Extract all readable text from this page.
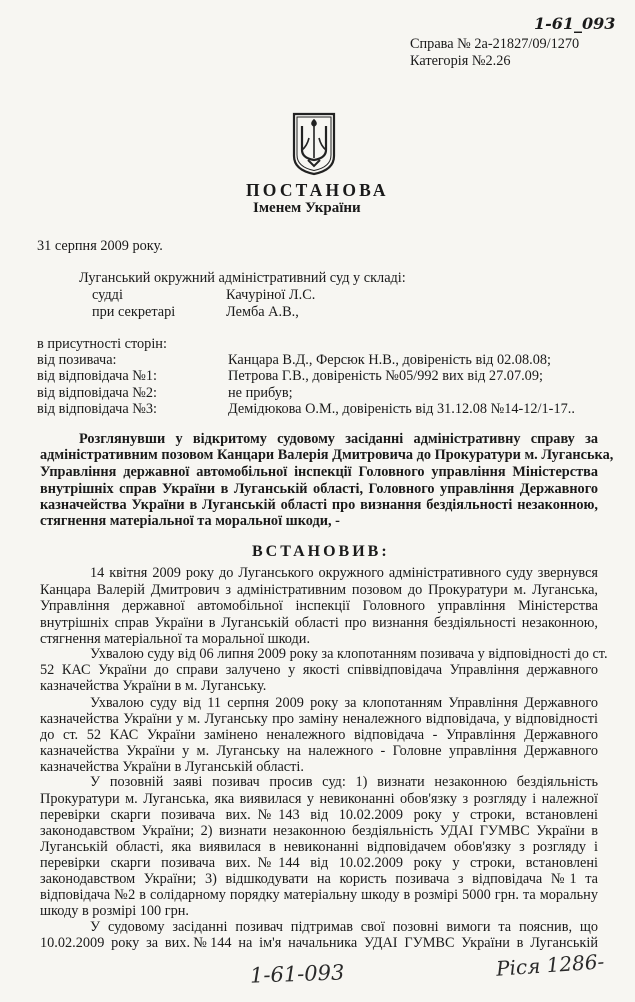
1-61_093
Справа № 2а-21827/09/1270
Категорія №2.26
ПОСТАНОВА
Іменем України
31 серпня 2009 року.
Луганський окружний адміністративний суд у складі:
судді	Качуріної Л.С.
при секретарі	Лемба А.В.,
в присутності сторін:
від позивача:	Канцара В.Д., Ферсюк Н.В., довіреність від 02.08.08;
від відповідача №1:	Петрова Г.В., довіреність №05/992 вих від 27.07.09;
від відповідача №2:	не прибув;
від відповідача №3:	Демідюкова О.М., довіреність від 31.12.08 №14-12/1-17..
Розглянувши у відкритому судовому засіданні адміністративну справу за
адміністративним позовом Канцари Валерія Дмитровича до Прокуратури м. Луганська,
Управління державної автомобільної інспекції Головного управління Міністерства
внутрішніх справ України в Луганській області, Головного управління Державного
казначейства України в Луганській області про визнання бездіяльності незаконною,
стягнення матеріальної та моральної шкоди, -
ВСТАНОВИВ:
14 квітня 2009 року до Луганського окружного адміністративного суду звернувся
Канцара Валерій Дмитрович з адміністративним позовом до Прокуратури м. Луганська,
Управління державної автомобільної інспекції Головного управління Міністерства
внутрішніх справ України в Луганській області про визнання бездіяльності незаконною,
стягнення матеріальної та моральної шкоди.
Ухвалою суду від 06 липня 2009 року за клопотанням позивача у відповідності до ст.
52 КАС України до справи залучено у якості співвідповідача Управління державного
казначейства України в м. Луганську.
Ухвалою суду від 11 серпня 2009 року за клопотанням Управління Державного
казначейства України у м. Луганську про заміну неналежного відповідача, у відповідності
до ст. 52 КАС України замінено неналежного відповідача - Управління Державного
казначейства України у м. Луганську на належного - Головне управління Державного
казначейства України в Луганській області.
У позовній заяві позивач просив суд: 1) визнати незаконною бездіяльність
Прокуратури м. Луганська, яка виявилася у невиконанні обов'язку з розгляду і належної
перевірки скарги позивача вих.№143 від 10.02.2009 року у строки, встановлені
законодавством України; 2) визнати незаконною бездіяльність УДАІ ГУМВС України в
Луганській області, яка виявилася в невиконанні відповідачем обов'язку з розгляду і
перевірки скарги позивача вих.№144 від 10.02.2009 року у строки, встановлені
законодавством України; 3) відшкодувати на користь позивача з відповідача №1 та
відповідача №2 в солідарному порядку матеріальну шкоду в розмірі 5000 грн. та моральну
шкоду в розмірі 100 грн.
У судовому засіданні позивач підтримав свої позовні вимоги та пояснив, що
10.02.2009 року за вих.№144 на ім'я начальника УДАІ ГУМВС України в Луганській
1-61-093	Ріся 1286-
